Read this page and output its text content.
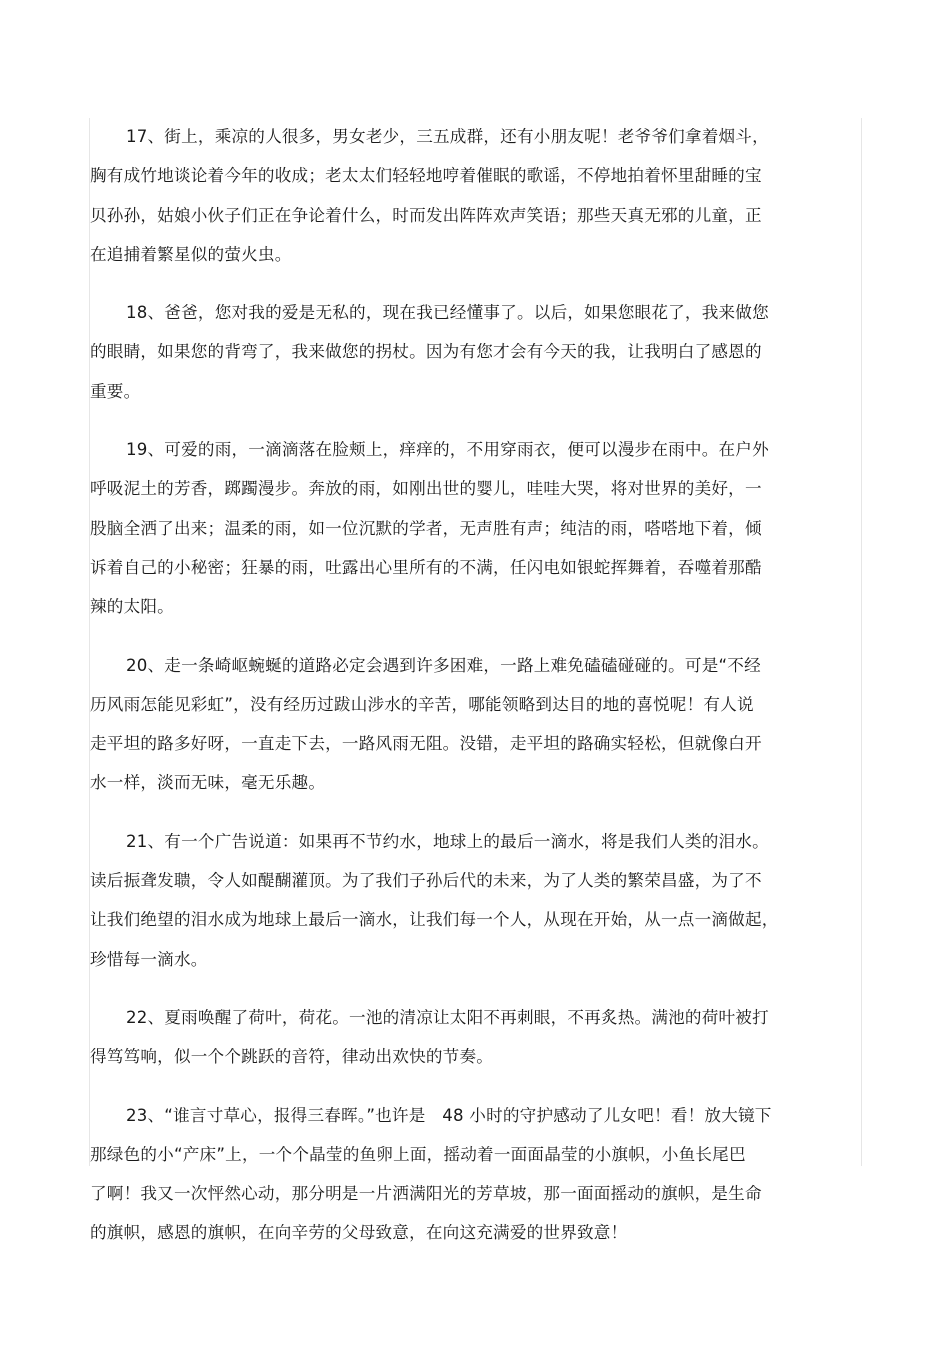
17、街上，乘凉的人很多，男女老少，三五成群，还有小朋友呢！老爷爷们拿着烟斗，
胸有成竹地谈论着今年的收成；老太太们轻轻地哼着催眠的歌谣，不停地拍着怀里甜睡的宝
贝孙孙，姑娘小伙子们正在争论着什么，时而发出阵阵欢声笑语；那些天真无邪的儿童，正
在追捕着繁星似的萤火虫。
18、爸爸，您对我的爱是无私的，现在我已经懂事了。以后，如果您眼花了，我来做您
的眼睛，如果您的背弯了，我来做您的拐杖。因为有您才会有今天的我，让我明白了感恩的
重要。
19、可爱的雨，一滴滴落在脸颊上，痒痒的，不用穿雨衣，便可以漫步在雨中。在户外
呼吸泥土的芳香，踯躅漫步。奔放的雨，如刚出世的婴儿，哇哇大哭，将对世界的美好，一
股脑全洒了出来；温柔的雨，如一位沉默的学者，无声胜有声；纯洁的雨，嗒嗒地下着，倾
诉着自己的小秘密；狂暴的雨，吐露出心里所有的不满，任闪电如银蛇挥舞着，吞噬着那酷
辣的太阳。
20、走一条崎岖蜿蜒的道路必定会遇到许多困难，一路上难免磕磕碰碰的。可是“不经
历风雨怎能见彩虹”，没有经历过跋山涉水的辛苦，哪能领略到达目的地的喜悦呢！有人说
走平坦的路多好呀，一直走下去，一路风雨无阻。没错，走平坦的路确实轻松，但就像白开
水一样，淡而无味，毫无乐趣。
21、有一个广告说道：如果再不节约水，地球上的最后一滴水，将是我们人类的泪水。
读后振聋发聩，令人如醍醐灌顶。为了我们子孙后代的未来，为了人类的繁荣昌盛，为了不
让我们绝望的泪水成为地球上最后一滴水，让我们每一个人，从现在开始，从一点一滴做起，
珍惜每一滴水。
22、夏雨唤醒了荷叶，荷花。一池的清凉让太阳不再刺眼，不再炙热。满池的荷叶被打
得笃笃响，似一个个跳跃的音符，律动出欢快的节奏。
23、“谁言寸草心，报得三春晖。”也许是　48 小时的守护感动了儿女吧！看！放大镜下
那绿色的小“产床”上，一个个晶莹的鱼卵上面，摇动着一面面晶莹的小旗帜，小鱼长尾巴
了啊！我又一次怦然心动，那分明是一片洒满阳光的芳草坡，那一面面摇动的旗帜，是生命
的旗帜，感恩的旗帜，在向辛劳的父母致意，在向这充满爱的世界致意！
